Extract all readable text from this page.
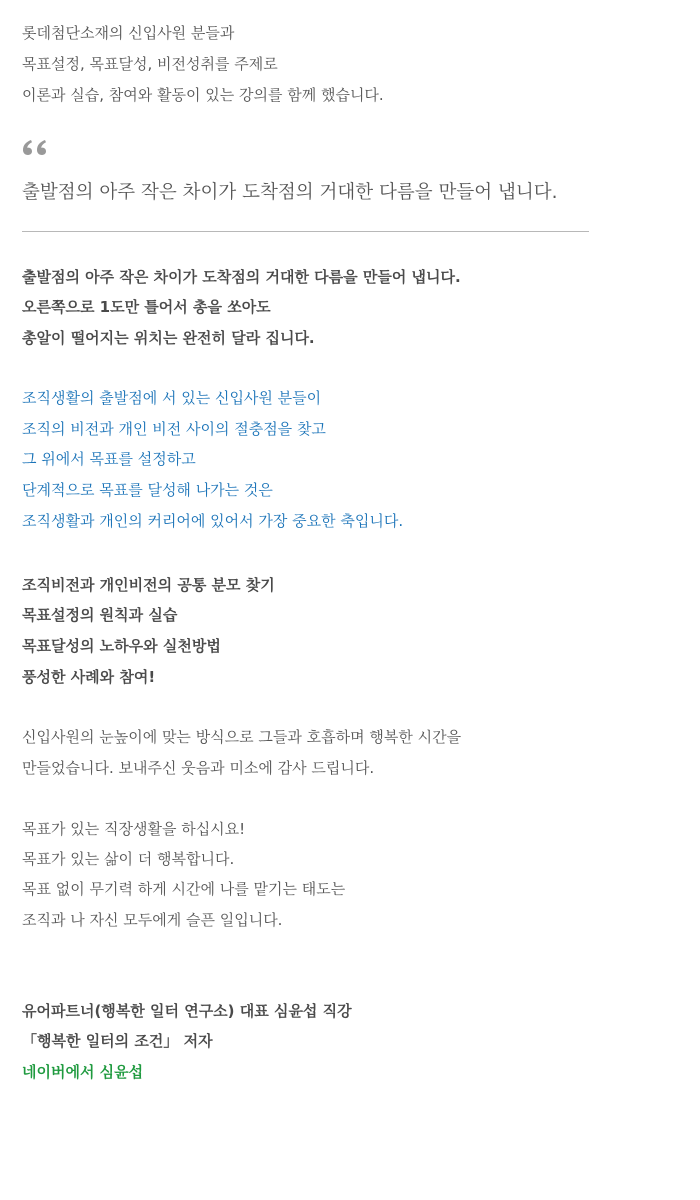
롯데첨단소재의 신입사원 분들과
목표설정, 목표달성, 비전성취를 주제로
이론과 실습, 참여와 활동이 있는 강의를 함께 했습니다.
출발점의 아주 작은 차이가 도착점의 거대한 다름을 만들어 냅니다.
출발점의 아주 작은 차이가 도착점의 거대한 다름을 만들어 냅니다.
오른쪽으로 1도만 틀어서 총을 쏘아도
총알이 떨어지는 위치는 완전히 달라 집니다.
조직생활의 출발점에 서 있는 신입사원 분들이
조직의 비전과 개인 비전 사이의 절충점을 찾고
그 위에서 목표를 설정하고
단계적으로 목표를 달성해 나가는 것은
조직생활과 개인의 커리어에 있어서 가장 중요한 축입니다.
조직비전과 개인비전의 공통 분모 찾기
목표설정의 원칙과 실습
목표달성의 노하우와 실천방법
풍성한 사례와 참여!
신입사원의 눈높이에 맞는 방식으로 그들과 호흡하며 행복한 시간을
만들었습니다. 보내주신 웃음과 미소에 감사 드립니다.
목표가 있는 직장생활을 하십시요!
목표가 있는 삶이 더 행복합니다.
목표 없이 무기력 하게 시간에 나를 맡기는 태도는
조직과 나 자신 모두에게 슬픈 일입니다.
유어파트너(행복한 일터 연구소) 대표 심윤섭 직강
「행복한 일터의 조건」 저자
네이버에서 심윤섭
